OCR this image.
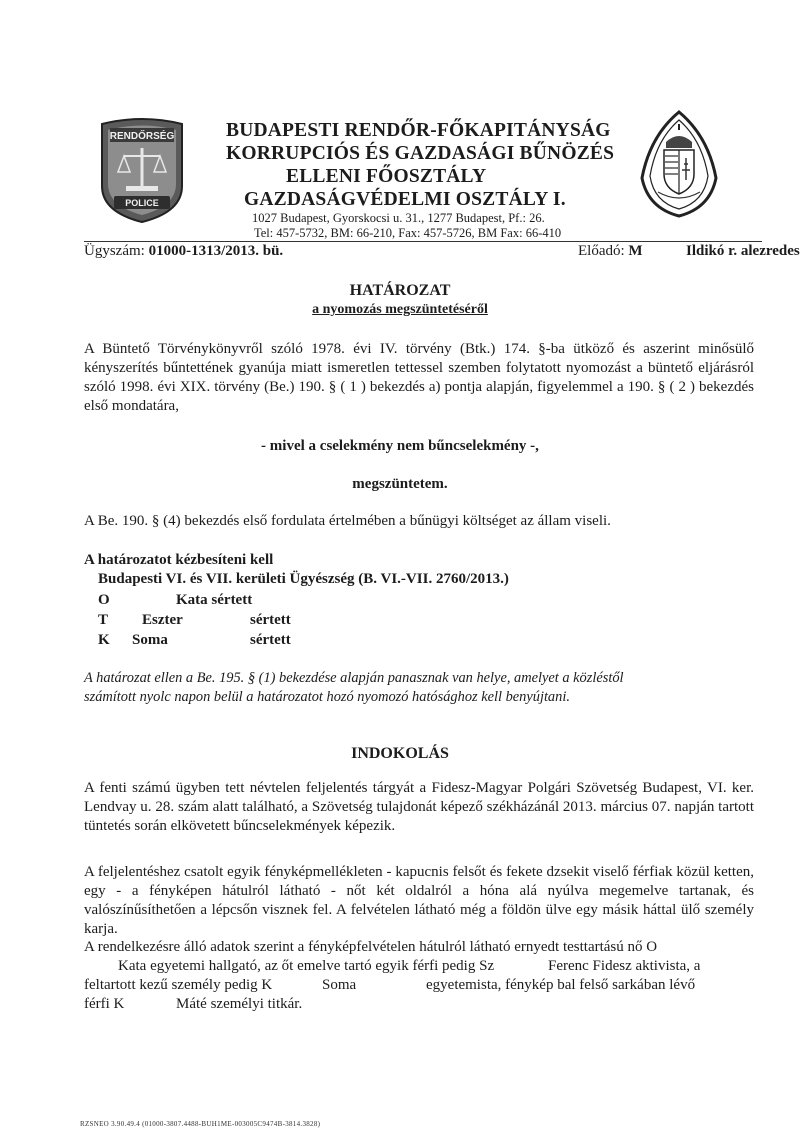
RENDŐRSÉG
POLICE
BUDAPESTI RENDŐR-FŐKAPITÁNYSÁG
KORRUPCIÓS ÉS GAZDASÁGI BŰNÖZÉS
ELLENI FŐOSZTÁLY
GAZDASÁGVÉDELMI OSZTÁLY I.
1027 Budapest, Gyorskocsi u. 31., 1277 Budapest, Pf.: 26.
Tel: 457-5732, BM: 66-210, Fax: 457-5726, BM Fax: 66-410
Ügyszám: 01000-1313/2013. bü.	Előadó: M	Ildikó r. alezredes
HATÁROZAT
a nyomozás megszüntetéséről
A Büntető Törvénykönyvről szóló 1978. évi IV. törvény (Btk.) 174. §-ba ütköző és aszerint minősülő kényszerítés bűntettének gyanúja miatt ismeretlen tettessel szemben folytatott nyomozást a büntető eljárásról szóló 1998. évi XIX. törvény (Be.) 190. § ( 1 ) bekezdés a) pontja alapján, figyelemmel a 190. § ( 2 ) bekezdés első mondatára,
- mivel a cselekmény nem bűncselekmény -,
megszüntetem.
A Be. 190. § (4) bekezdés első fordulata értelmében a bűnügyi költséget az állam viseli.
A határozatot kézbesíteni kell
Budapesti VI. és VII. kerületi Ügyészség (B. VI.-VII. 2760/2013.)
O	Kata sértett
T Eszter	sértett
K Soma	sértett
A határozat ellen a Be. 195. § (1) bekezdése alapján panasznak van helye, amelyet a közléstől
számított nyolc napon belül a határozatot hozó nyomozó hatósághoz kell benyújtani.
INDOKOLÁS
A fenti számú ügyben tett névtelen feljelentés tárgyát a Fidesz-Magyar Polgári Szövetség Budapest, VI. ker. Lendvay u. 28. szám alatt található, a Szövetség tulajdonát képező székházánál 2013. március 07. napján tartott tüntetés során elkövetett bűncselekmények képezik.
A feljelentéshez csatolt egyik fényképmellékleten - kapucnis felsőt és fekete dzsekit viselő férfiak közül ketten, egy - a fényképen hátulról látható - nőt két oldalról a hóna alá nyúlva megemelve tartanak, és valószínűsíthetően a lépcsőn visznek fel. A felvételen látható még a földön ülve egy másik háttal ülő személy karja.
A rendelkezésre álló adatok szerint a fényképfelvételen hátulról látható ernyedt testtartású nő O
Kata egyetemi hallgató, az őt emelve tartó egyik férfi pedig Sz	Ferenc Fidesz aktivista, a
feltartott kezű személy pedig K	Soma	egyetemista, fénykép bal felső sarkában lévő
férfi K	Máté személyi titkár.
RZSNEO 3.90.49.4 (01000-3807.4488-BUH1ME-003005C9474B-3814.3828)
